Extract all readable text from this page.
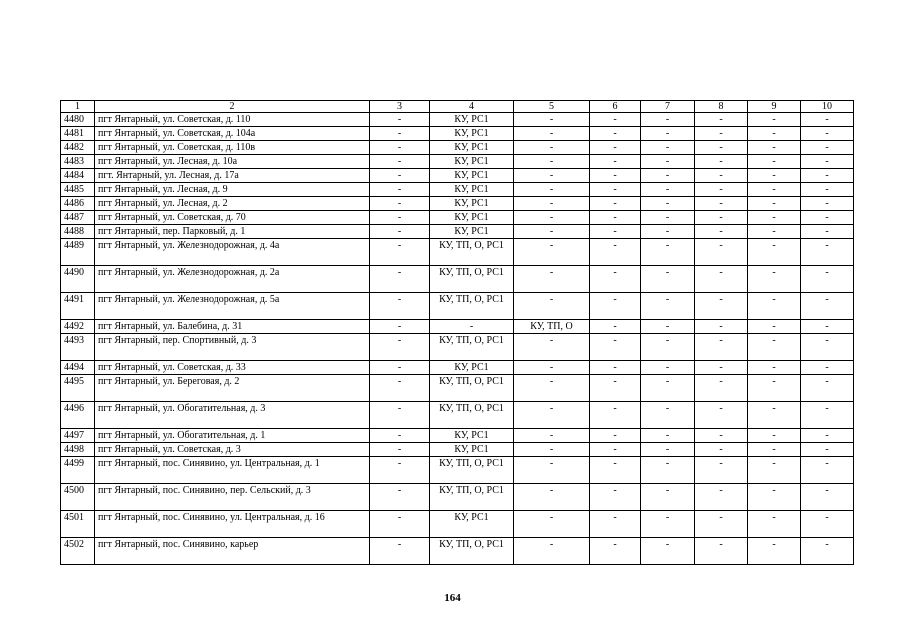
1	2	3	4	5	6	7	8	9	10
4480	пгт Янтарный, ул. Советская, д. 110	-	КУ, РС1	-	-	-	-	-	-
4481	пгт Янтарный, ул. Советская, д. 104а	-	КУ, РС1	-	-	-	-	-	-
4482	пгт Янтарный, ул. Советская, д. 110в	-	КУ, РС1	-	-	-	-	-	-
4483	пгт Янтарный, ул. Лесная, д. 10а	-	КУ, РС1	-	-	-	-	-	-
4484	пгт. Янтарный, ул. Лесная, д. 17а	-	КУ, РС1	-	-	-	-	-	-
4485	пгт Янтарный, ул. Лесная, д. 9	-	КУ, РС1	-	-	-	-	-	-
4486	пгт Янтарный, ул. Лесная, д. 2	-	КУ, РС1	-	-	-	-	-	-
4487	пгт Янтарный, ул. Советская, д. 70	-	КУ, РС1	-	-	-	-	-	-
4488	пгт Янтарный, пер. Парковый, д. 1	-	КУ, РС1	-	-	-	-	-	-
4489	пгт Янтарный, ул. Железнодорожная, д. 4а	-	КУ, ТП, О, РС1	-	-	-	-	-	-
4490	пгт Янтарный, ул. Железнодорожная, д. 2а	-	КУ, ТП, О, РС1	-	-	-	-	-	-
4491	пгт Янтарный, ул. Железнодорожная, д. 5а	-	КУ, ТП, О, РС1	-	-	-	-	-	-
4492	пгт Янтарный, ул. Балебина, д. 31	-	-	КУ, ТП, О	-	-	-	-	-
4493	пгт Янтарный, пер. Спортивный, д. 3	-	КУ, ТП, О, РС1	-	-	-	-	-	-
4494	пгт Янтарный, ул. Советская, д. 33	-	КУ, РС1	-	-	-	-	-	-
4495	пгт Янтарный, ул. Береговая, д. 2	-	КУ, ТП, О, РС1	-	-	-	-	-	-
4496	пгт Янтарный, ул. Обогатительная, д. 3	-	КУ, ТП, О, РС1	-	-	-	-	-	-
4497	пгт Янтарный, ул. Обогатительная, д. 1	-	КУ, РС1	-	-	-	-	-	-
4498	пгт Янтарный, ул. Советская, д. 3	-	КУ, РС1	-	-	-	-	-	-
4499	пгт Янтарный, пос. Синявино, ул. Центральная, д. 1	-	КУ, ТП, О, РС1	-	-	-	-	-	-
4500	пгт Янтарный, пос. Синявино, пер. Сельский, д. 3	-	КУ, ТП, О, РС1	-	-	-	-	-	-
4501	пгт Янтарный, пос. Синявино, ул. Центральная, д. 16	-	КУ, РС1	-	-	-	-	-	-
4502	пгт Янтарный, пос. Синявино, карьер	-	КУ, ТП, О, РС1	-	-	-	-	-	-
164
